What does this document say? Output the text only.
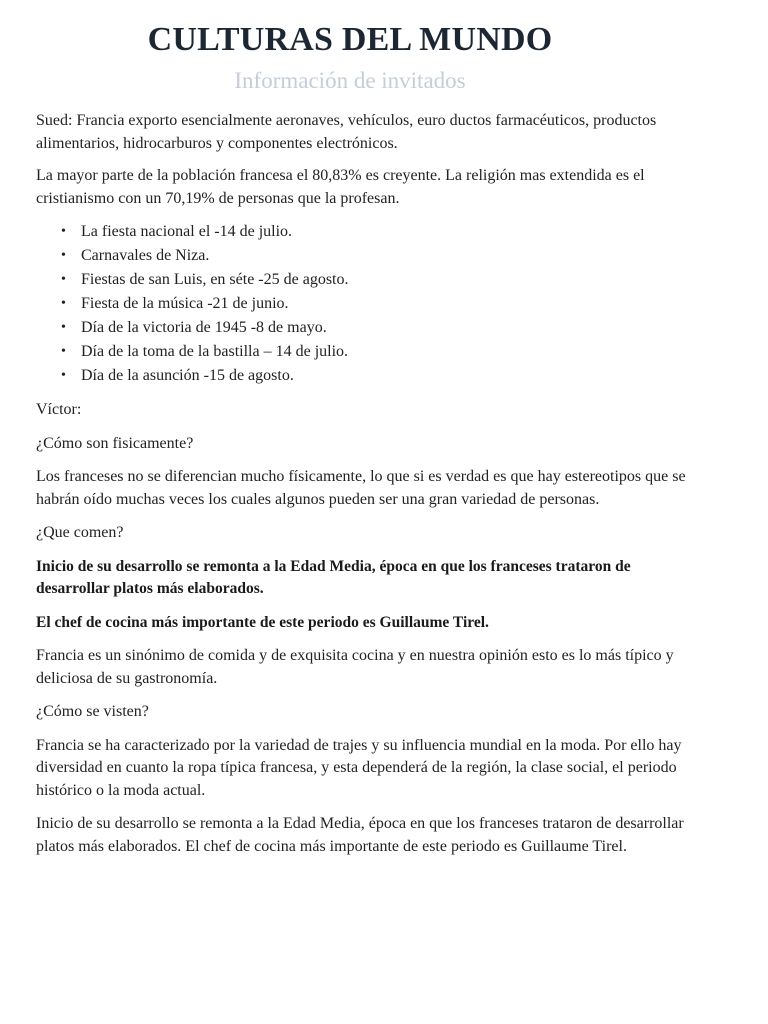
CULTURAS DEL MUNDO
Información de invitados

Sued: Francia exporto esencialmente aeronaves, vehículos, euro ductos farmacéuticos, productos alimentarios, hidrocarburos y componentes electrónicos.

La mayor parte de la población francesa el 80,83% es creyente. La religión mas extendida es el cristianismo con un 70,19% de personas que la profesan.

• La fiesta nacional el -14 de julio.
• Carnavales de Niza.
• Fiestas de san Luis, en séte -25 de agosto.
• Fiesta de la música -21 de junio.
• Día de la victoria de 1945 -8 de mayo.
• Día de la toma de la bastilla – 14 de julio.
• Día de la asunción -15 de agosto.

Víctor:

¿Cómo son fisicamente?

Los franceses no se diferencian mucho físicamente, lo que si es verdad es que hay estereotipos que se habrán oído muchas veces los cuales algunos pueden ser una gran variedad de personas.

¿Que comen?

Inicio de su desarrollo se remonta a la Edad Media, época en que los franceses trataron de desarrollar platos más elaborados.

El chef de cocina más importante de este periodo es Guillaume Tirel.

Francia es un sinónimo de comida y de exquisita cocina y en nuestra opinión esto es lo más típico y deliciosa de su gastronomía.

¿Cómo se visten?

Francia se ha caracterizado por la variedad de trajes y su influencia mundial en la moda. Por ello hay diversidad en cuanto la ropa típica francesa, y esta dependerá de la región, la clase social, el periodo histórico o la moda actual.

Inicio de su desarrollo se remonta a la Edad Media, época en que los franceses trataron de desarrollar platos más elaborados. El chef de cocina más importante de este periodo es Guillaume Tirel.
